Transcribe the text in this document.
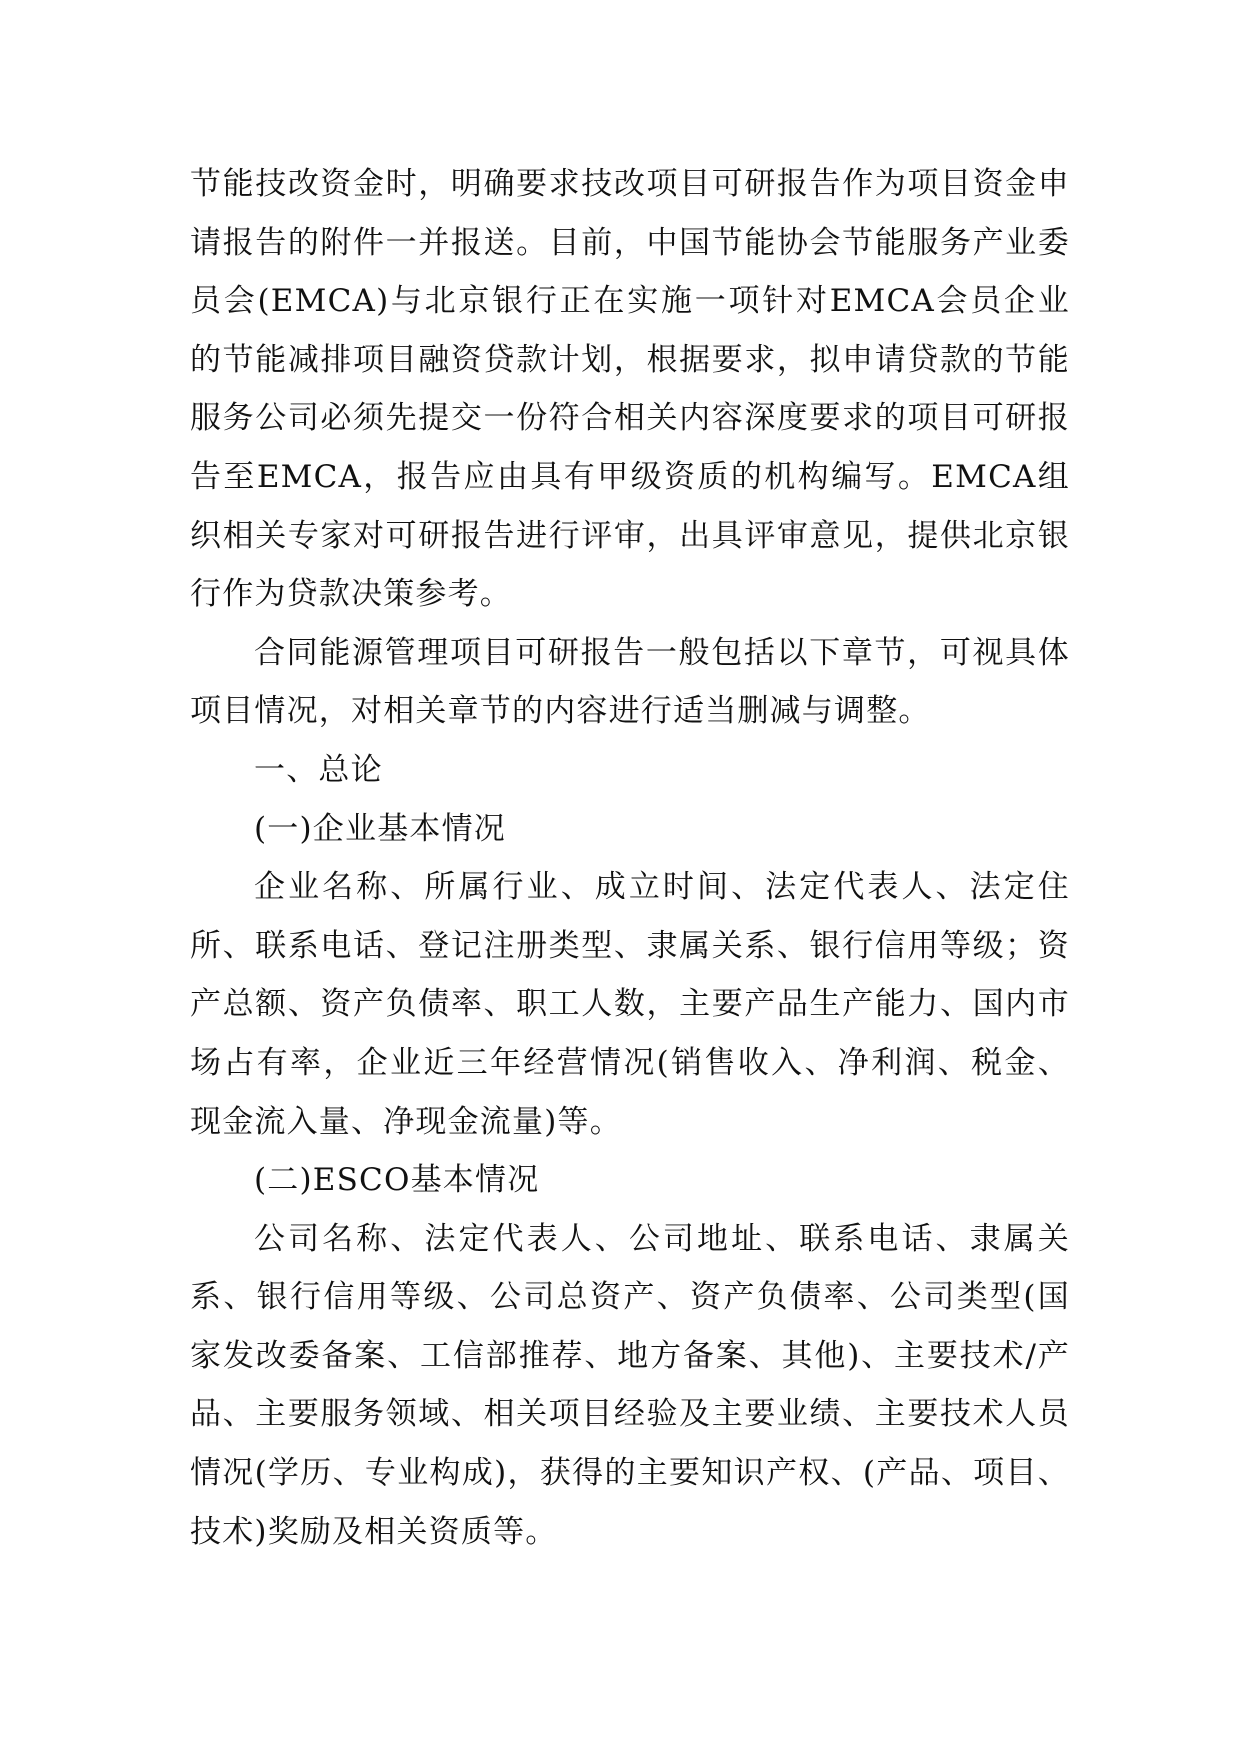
节能技改资金时，明确要求技改项目可研报告作为项目资金申请报告的附件一并报送。目前，中国节能协会节能服务产业委员会(EMCA)与北京银行正在实施一项针对EMCA会员企业的节能减排项目融资贷款计划，根据要求，拟申请贷款的节能服务公司必须先提交一份符合相关内容深度要求的项目可研报告至EMCA，报告应由具有甲级资质的机构编写。EMCA组织相关专家对可研报告进行评审，出具评审意见，提供北京银行作为贷款决策参考。

合同能源管理项目可研报告一般包括以下章节，可视具体项目情况，对相关章节的内容进行适当删减与调整。

一、总论

(一)企业基本情况

企业名称、所属行业、成立时间、法定代表人、法定住所、联系电话、登记注册类型、隶属关系、银行信用等级；资产总额、资产负债率、职工人数，主要产品生产能力、国内市场占有率，企业近三年经营情况(销售收入、净利润、税金、现金流入量、净现金流量)等。

(二)ESCO基本情况

公司名称、法定代表人、公司地址、联系电话、隶属关系、银行信用等级、公司总资产、资产负债率、公司类型(国家发改委备案、工信部推荐、地方备案、其他)、主要技术/产品、主要服务领域、相关项目经验及主要业绩、主要技术人员情况(学历、专业构成)，获得的主要知识产权、(产品、项目、技术)奖励及相关资质等。
